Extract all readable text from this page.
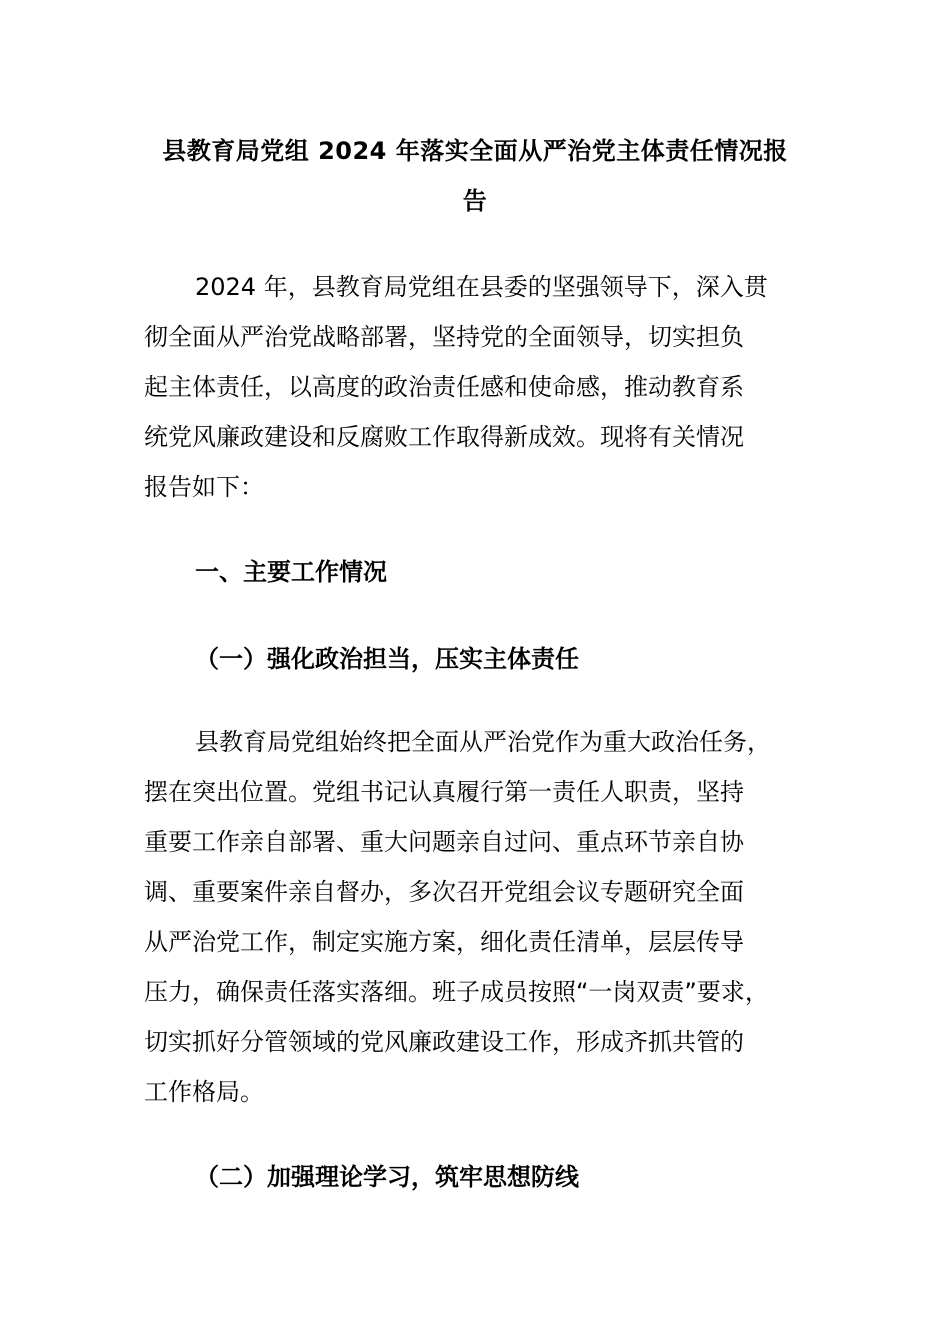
县教育局党组 2024 年落实全面从严治党主体责任情况报
告
2024 年，县教育局党组在县委的坚强领导下，深入贯
彻全面从严治党战略部署，坚持党的全面领导，切实担负
起主体责任，以高度的政治责任感和使命感，推动教育系
统党风廉政建设和反腐败工作取得新成效。现将有关情况
报告如下：
一、主要工作情况
（一）强化政治担当，压实主体责任
县教育局党组始终把全面从严治党作为重大政治任务，
摆在突出位置。党组书记认真履行第一责任人职责，坚持
重要工作亲自部署、重大问题亲自过问、重点环节亲自协
调、重要案件亲自督办，多次召开党组会议专题研究全面
从严治党工作，制定实施方案，细化责任清单，层层传导
压力，确保责任落实落细。班子成员按照“一岗双责”要求，
切实抓好分管领域的党风廉政建设工作，形成齐抓共管的
工作格局。
（二）加强理论学习，筑牢思想防线
